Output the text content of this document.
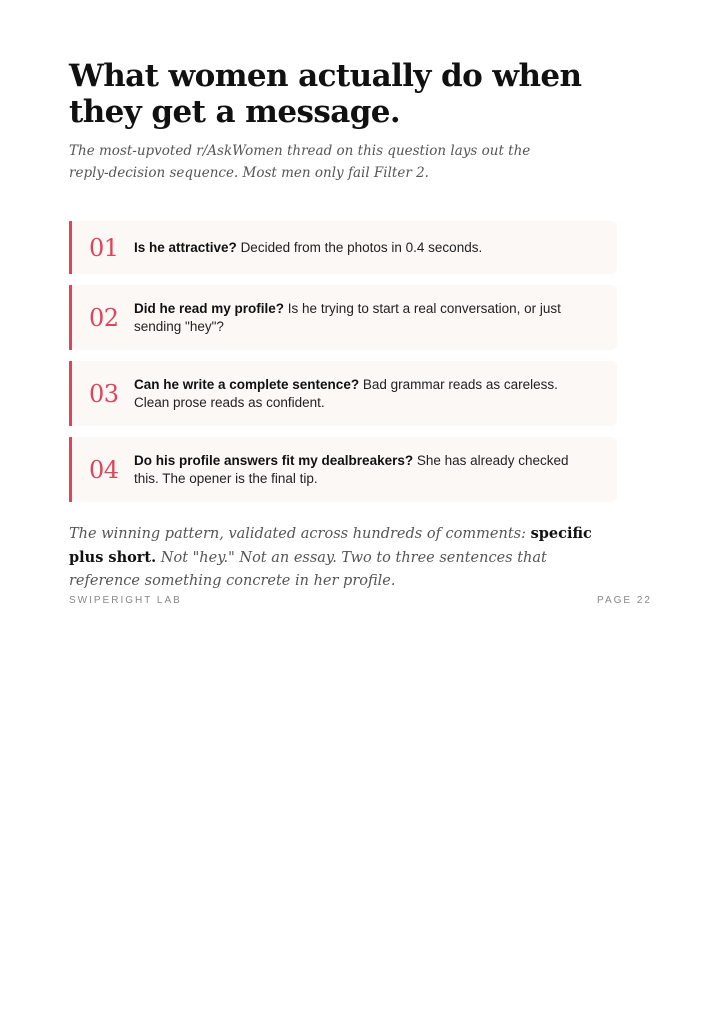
What women actually do when they get a message.

The most-upvoted r/AskWomen thread on this question lays out the reply-decision sequence. Most men only fail Filter 2.

01	Is he attractive? Decided from the photos in 0.4 seconds.
02	Did he read my profile? Is he trying to start a real conversation, or just sending "hey"?
03	Can he write a complete sentence? Bad grammar reads as careless. Clean prose reads as confident.
04	Do his profile answers fit my dealbreakers? She has already checked this. The opener is the final tip.

The winning pattern, validated across hundreds of comments: specific plus short. Not "hey." Not an essay. Two to three sentences that reference something concrete in her profile.

SWIPERIGHT LAB	PAGE 22
